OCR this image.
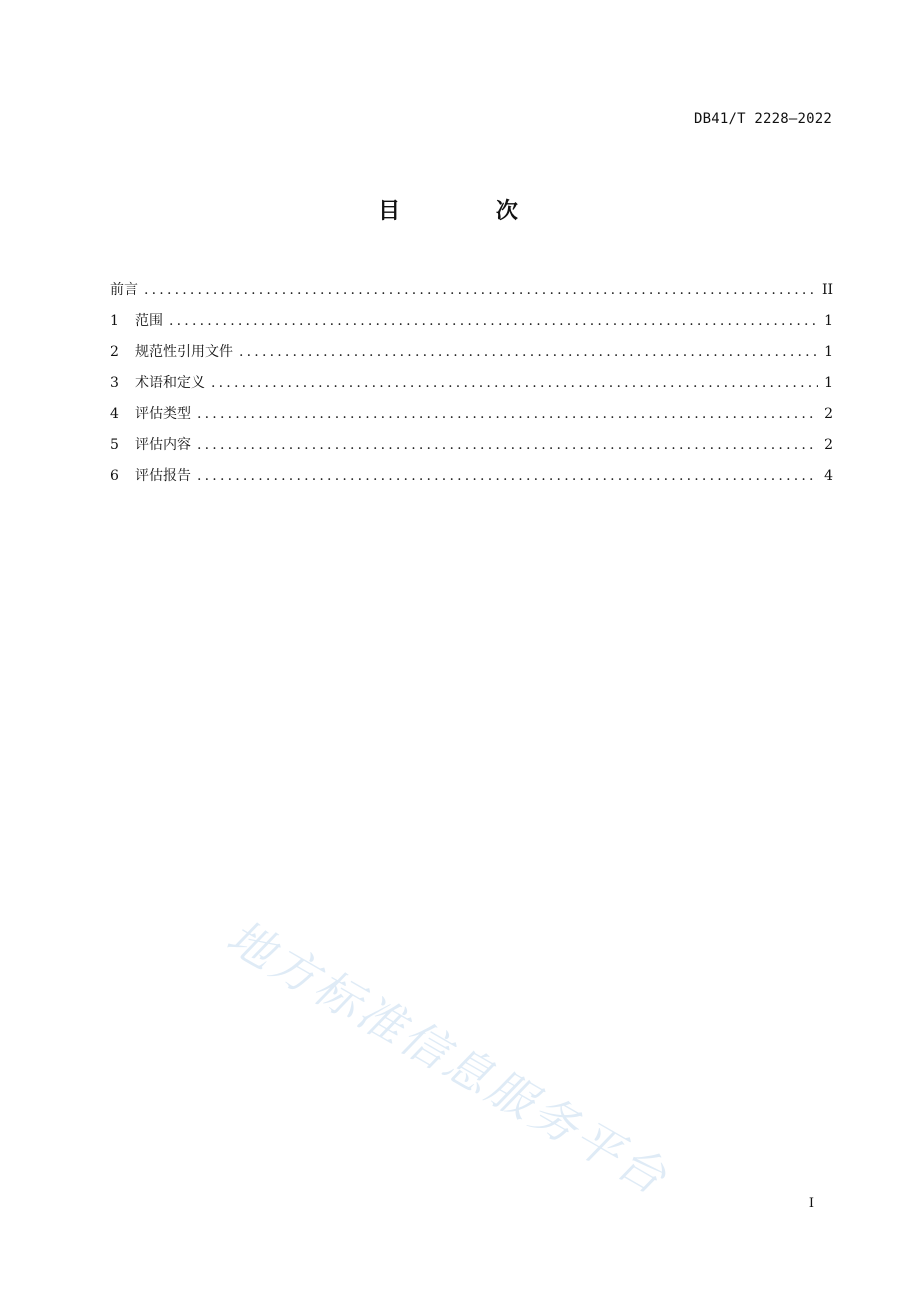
DB41/T 2228—2022
目 次
前言 .....	II
1	范围 .....	1
2	规范性引用文件 .....	1
3	术语和定义 .....	1
4	评估类型 .....	2
5	评估内容 .....	2
6	评估报告 .....	4
地方标准信息服务平台	I
